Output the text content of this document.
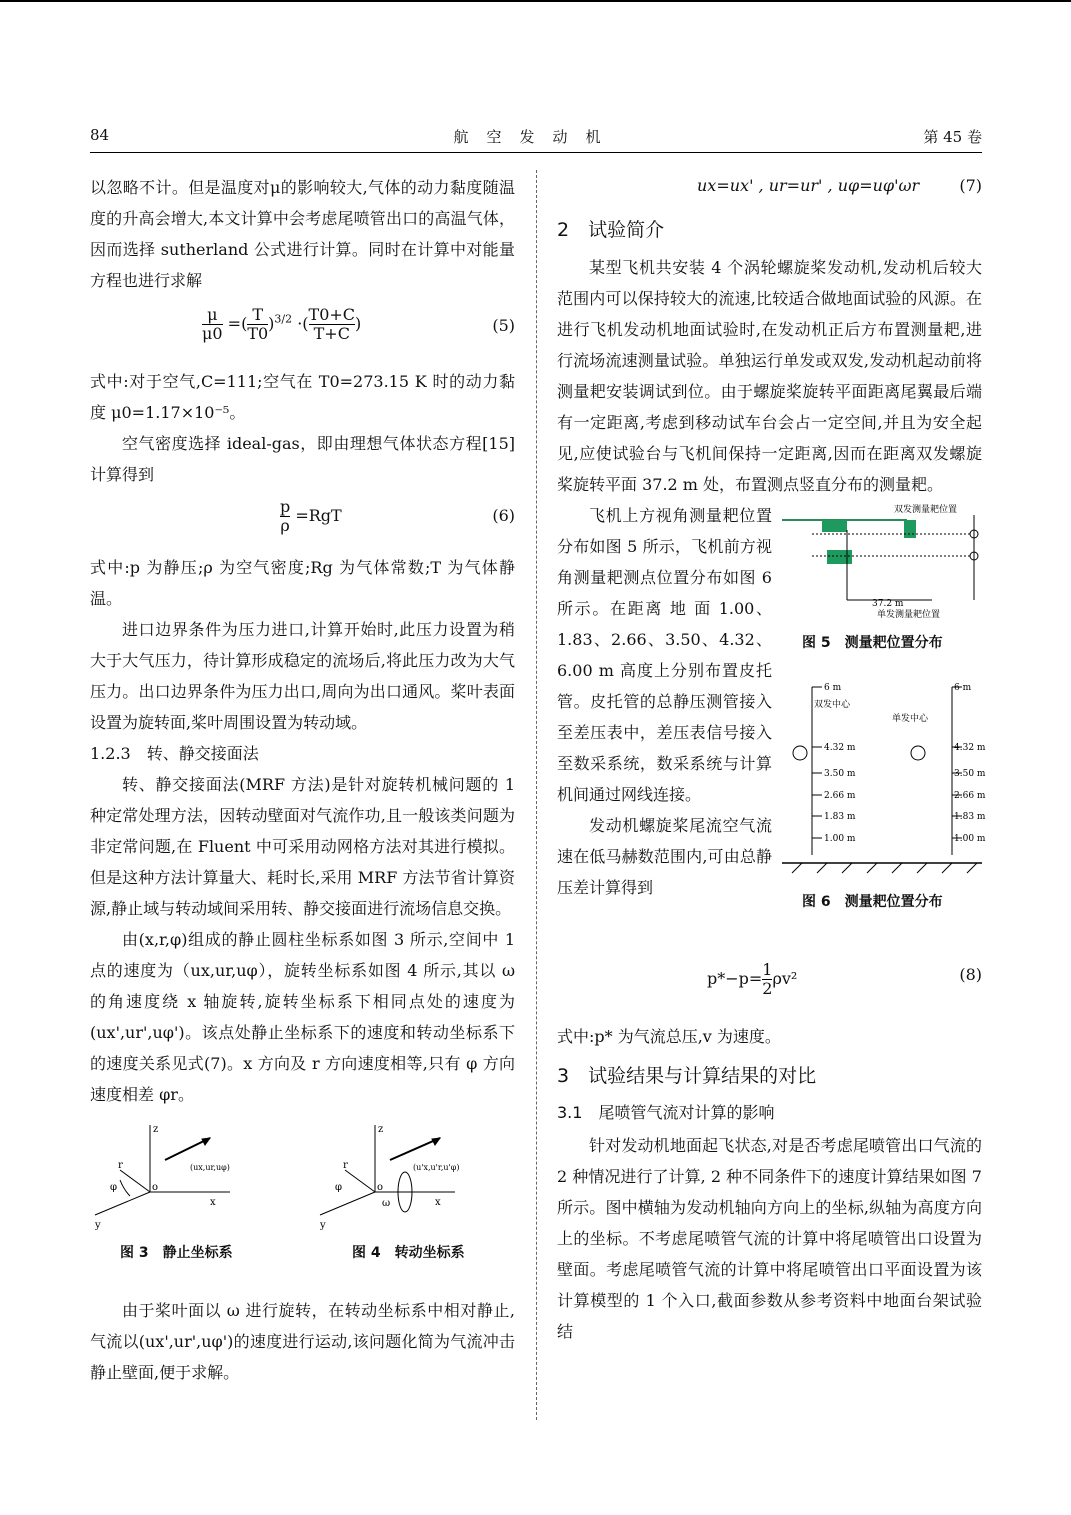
航空发动机
84	第 45 卷

以忽略不计。但是温度对μ的影响较大,气体的动力黏度随温度的升高会增大,本文计算中会考虑尾喷管出口的高温气体，因而选择 sutherland 公式进行计算。同时在计算中对能量方程也进行求解

$\frac{\mu}{\mu 0}$ =( $\frac{T}{T0} )^{3/2}$ ·( $\frac{T0+C}{T+C}$ )	(5)

式中:对于空气,C=111;空气在 T0=273.15 K 时的动力黏度 μ0=1.17×10⁻⁵。

空气密度选择 ideal-gas，即由理想气体状态方程[15]计算得到

$\frac{p}{\rho} =RgT$	(6)

式中:p 为静压;ρ 为空气密度;Rg 为气体常数;T 为气体静温。

进口边界条件为压力进口,计算开始时,此压力设置为稍大于大气压力，待计算形成稳定的流场后,将此压力改为大气压力。出口边界条件为压力出口,周向为出口通风。桨叶表面设置为旋转面,桨叶周围设置为转动域。

1.2.3　转、静交接面法

转、静交接面法(MRF 方法)是针对旋转机械问题的 1 种定常处理方法，因转动壁面对气流作功,且一般该类问题为非定常问题,在 Fluent 中可采用动网格方法对其进行模拟。但是这种方法计算量大、耗时长,采用 MRF 方法节省计算资源,静止域与转动域间采用转、静交接面进行流场信息交换。

由(x,r,φ)组成的静止圆柱坐标系如图 3 所示,空间中 1 点的速度为（ux,ur,uφ），旋转坐标系如图 4 所示,其以 ω 的角速度绕 x 轴旋转,旋转坐标系下相同点处的速度为(ux',ur',uφ')。该点处静止坐标系下的速度和转动坐标系下的速度关系见式(7)。x 方向及 r 方向速度相等,只有 φ 方向速度相差 φr。

z
(ux,ur,uφ)
r
φ	o
x
y
z
(u'x,u'r,u'φ)
r
φ	o
x
y
ω
图 3　静止坐标系	图 4　转动坐标系

由于桨叶面以 ω 进行旋转，在转动坐标系中相对静止,气流以(ux',ur',uφ')的速度进行运动,该问题化简为气流冲击静止壁面,便于求解。

ux=ux' , ur=ur' , uφ=uφ'ωr	(7)
2　试验简介

某型飞机共安装 4 个涡轮螺旋桨发动机,发动机后较大范围内可以保持较大的流速,比较适合做地面试验的风源。在进行飞机发动机地面试验时,在发动机正后方布置测量耙,进行流场流速测量试验。单独运行单发或双发,发动机起动前将测量耙安装调试到位。由于螺旋桨旋转平面距离尾翼最后端有一定距离,考虑到移动试车台会占一定空间,并且为安全起见,应使试验台与飞机间保持一定距离,因而在距离双发螺旋桨旋转平面 37.2 m 处，布置测点竖直分布的测量耙。

飞机上方视角测量耙位置分布如图 5 所示，飞机前方视角测量耙测点位置分布如图 6 所示。在距离 地 面 1.00、1.83、2.66、3.50、4.32、6.00 m 高度上分别布置皮托管。皮托管的总静压测管接入至差压表中，差压表信号接入至数采系统，数采系统与计算机间通过网线连接。

发动机螺旋桨尾流空气流速在低马赫数范围内,可由总静压差计算得到

双发测量耙位置
37.2 m
单发测量耙位置
图 5　测量耙位置分布
6 m
4.32 m
3.50 m
2.66 m
1.83 m
1.00 m
6 m
4.32 m
3.50 m
2.66 m
1.83 m
1.00 m
双发中心
单发中心
图 6　测量耙位置分布
$p*-p= \frac{1}{2} \rho v^2$	(8)

式中:p* 为气流总压,v 为速度。

3　试验结果与计算结果的对比
3.1　尾喷管气流对计算的影响

针对发动机地面起飞状态,对是否考虑尾喷管出口气流的 2 种情况进行了计算, 2 种不同条件下的速度计算结果如图 7 所示。图中横轴为发动机轴向方向上的坐标,纵轴为高度方向上的坐标。不考虑尾喷管气流的计算中将尾喷管出口设置为壁面。考虑尾喷管气流的计算中将尾喷管出口平面设置为该计算模型的 1 个入口,截面参数从参考资料中地面台架试验结
